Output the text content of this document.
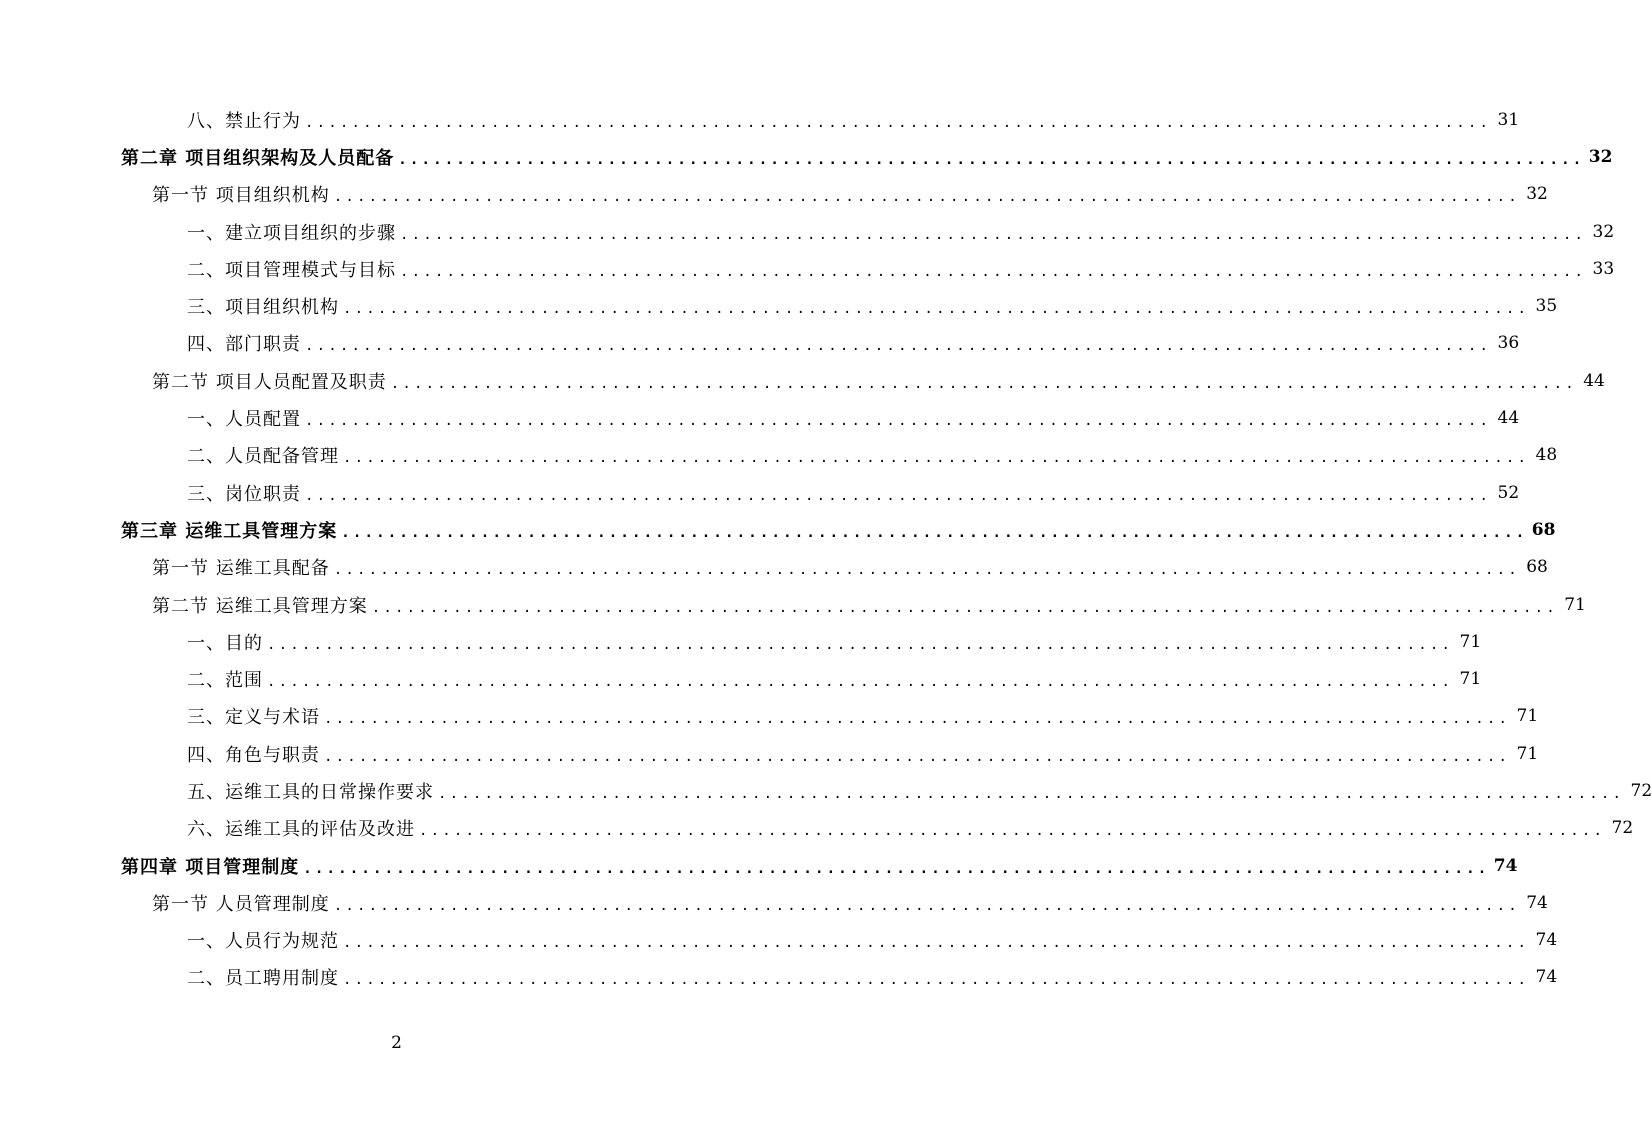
八、禁止行为 ...................................................................................................... 31
第二章 项目组织架构及人员配备 ...................................................................................................... 32
第一节 项目组织机构 ...................................................................................................... 32
一、建立项目组织的步骤 ...................................................................................................... 32
二、项目管理模式与目标 ...................................................................................................... 33
三、项目组织机构 ...................................................................................................... 35
四、部门职责 ...................................................................................................... 36
第二节 项目人员配置及职责 ...................................................................................................... 44
一、人员配置 ...................................................................................................... 44
二、人员配备管理 ...................................................................................................... 48
三、岗位职责 ...................................................................................................... 52
第三章 运维工具管理方案 ...................................................................................................... 68
第一节 运维工具配备 ...................................................................................................... 68
第二节 运维工具管理方案 ...................................................................................................... 71
一、目的 ...................................................................................................... 71
二、范围 ...................................................................................................... 71
三、定义与术语 ...................................................................................................... 71
四、角色与职责 ...................................................................................................... 71
五、运维工具的日常操作要求 ...................................................................................................... 72
六、运维工具的评估及改进 ...................................................................................................... 72
第四章 项目管理制度 ...................................................................................................... 74
第一节 人员管理制度 ...................................................................................................... 74
一、人员行为规范 ...................................................................................................... 74
二、员工聘用制度 ...................................................................................................... 74
2
